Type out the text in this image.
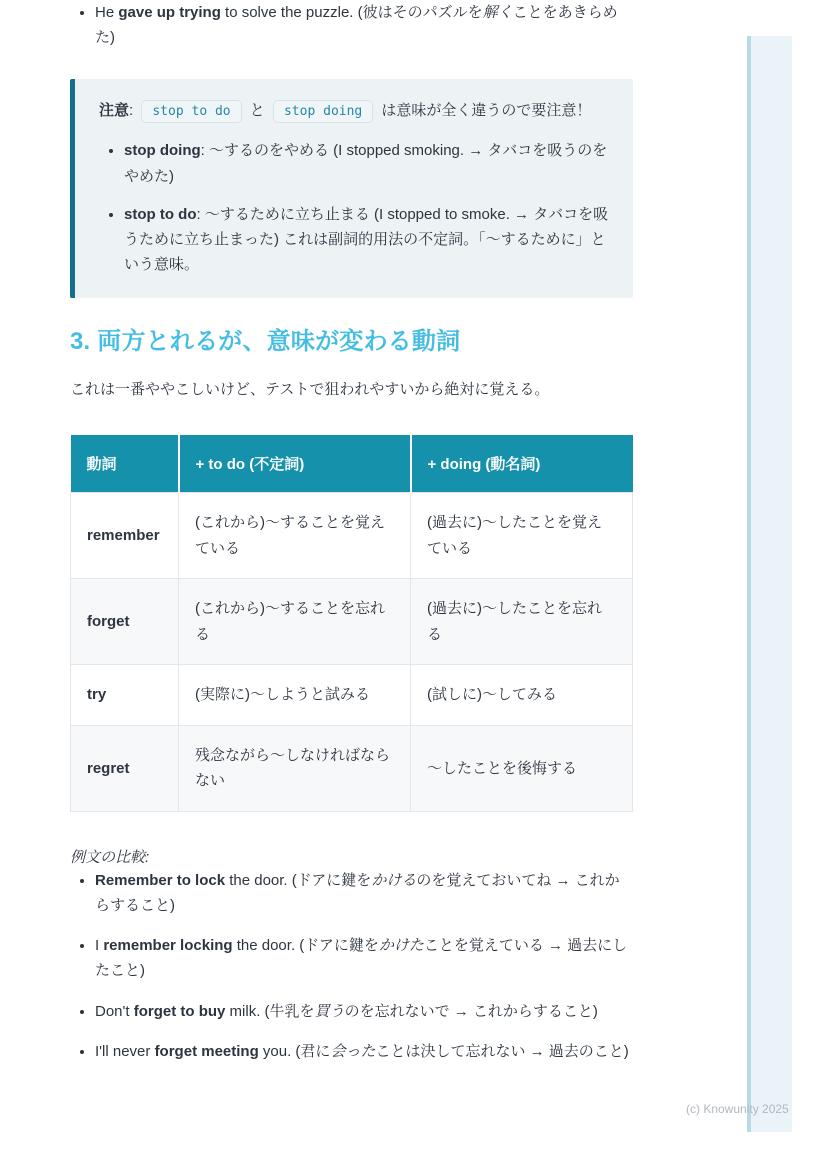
• He gave up trying to solve the puzzle. (彼はそのパズルを解くことをあきらめた)

注意: stop to do と stop doing は意味が全く違うので要注意！

• stop doing: 〜するのをやめる (I stopped smoking. → タバコを吸うのをやめた)
• stop to do: 〜するために立ち止まる (I stopped to smoke. → タバコを吸うために立ち止まった) これは副詞的用法の不定詞。「〜するために」という意味。
3. 両方とれるが、意味が変わる動詞

これは一番ややこしいけど、テストで狙われやすいから絶対に覚える。

動詞	+ to do (不定詞)	+ doing (動名詞)
remember	(これから)〜することを覚えている	(過去に)〜したことを覚えている
forget	(これから)〜することを忘れる	(過去に)〜したことを忘れる
try	(実際に)〜しようと試みる	(試しに)〜してみる
regret	残念ながら〜しなければならない	〜したことを後悔する

例文の比較:

• Remember to lock the door. (ドアに鍵をかけるのを覚えておいてね → これからすること)
• I remember locking the door. (ドアに鍵をかけたことを覚えている → 過去にしたこと)
• Don't forget to buy milk. (牛乳を買うのを忘れないで → これからすること)
• I'll never forget meeting you. (君に会ったことは決して忘れない → 過去のこと)
(c) Knowunity 2025
